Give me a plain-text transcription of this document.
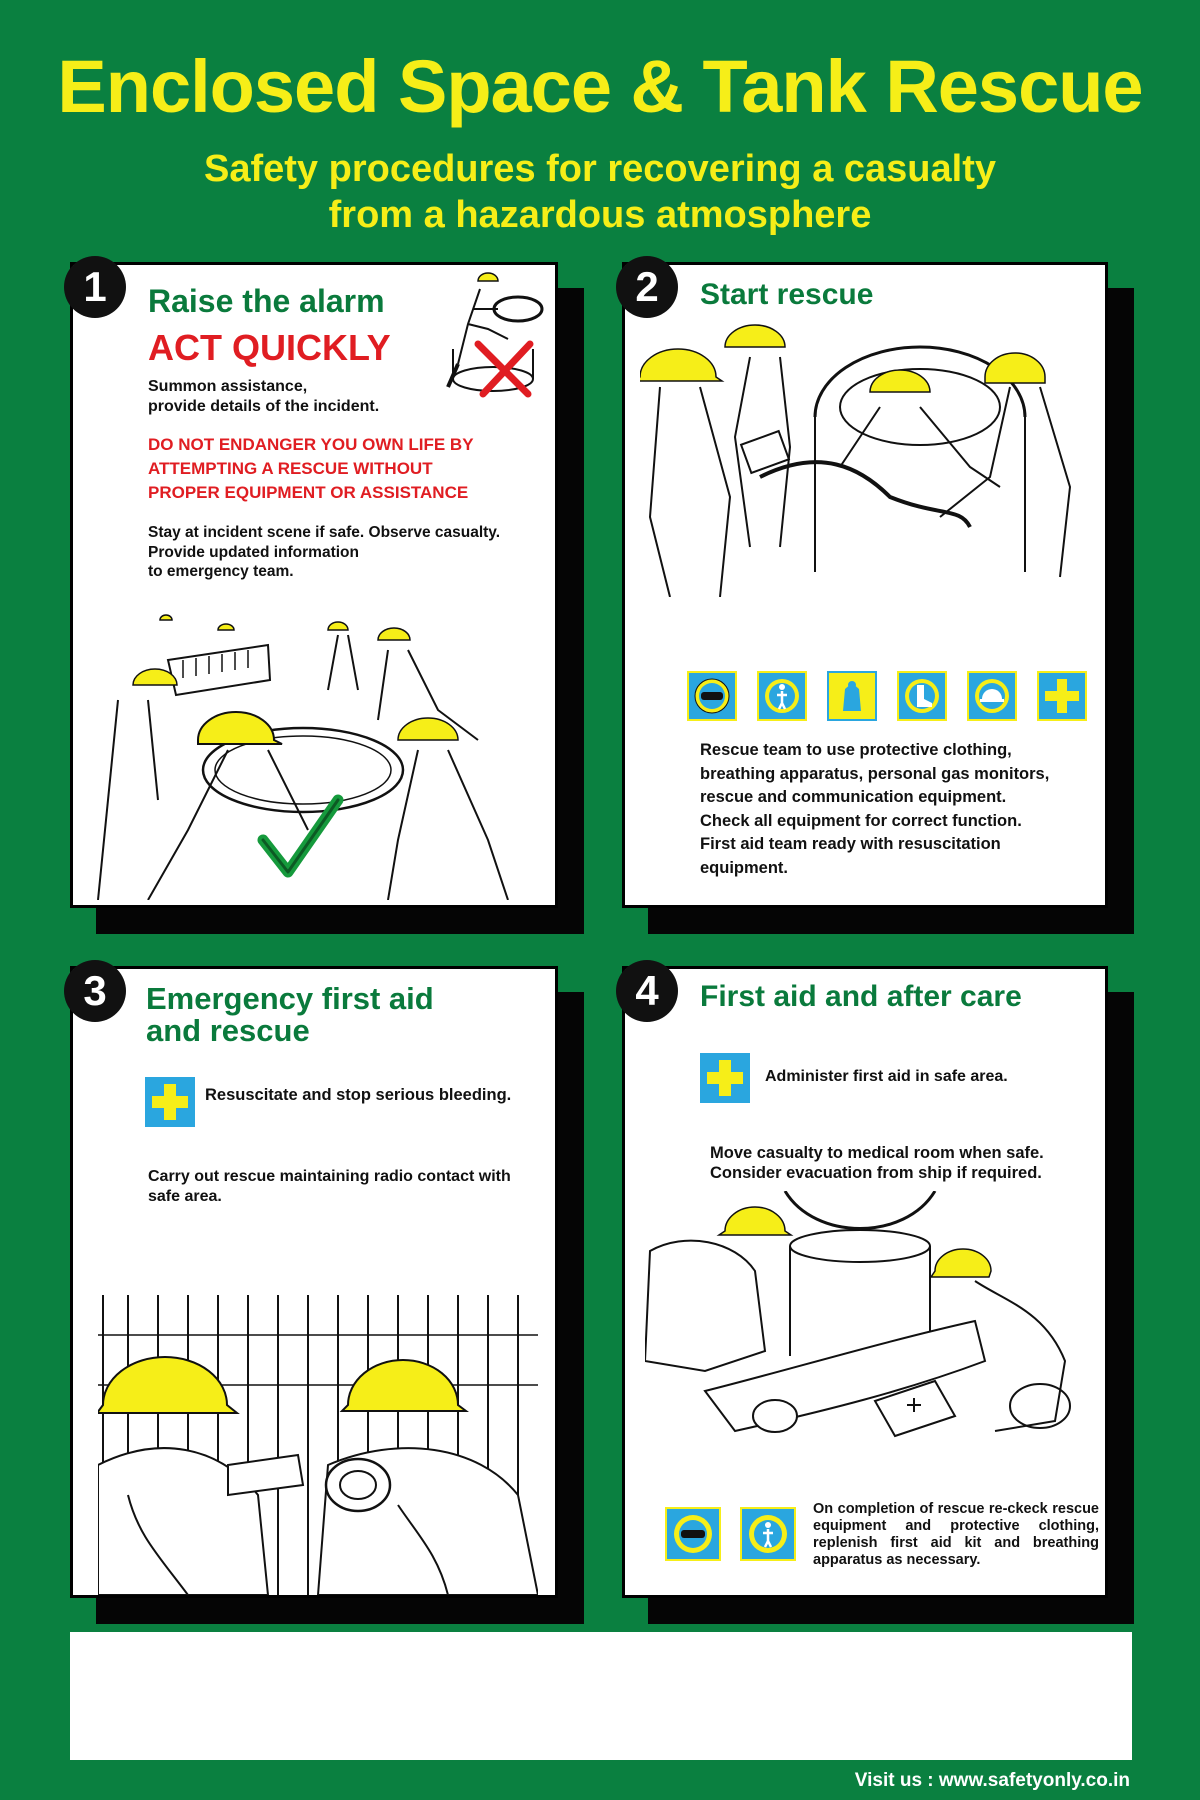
Enclosed Space & Tank Rescue
Safety procedures for recovering a casualty
from a hazardous atmosphere
Raise the alarm
ACT QUICKLY
Summon assistance,
provide details of the incident.
DO NOT ENDANGER YOU OWN LIFE BY
ATTEMPTING A RESCUE WITHOUT
PROPER EQUIPMENT OR ASSISTANCE
Stay at incident scene if safe. Observe casualty.
Provide updated information
to emergency team.
1	Start rescue
Rescue team to use protective clothing,
breathing apparatus, personal gas monitors,
rescue and communication equipment.
Check all equipment for correct function.
First aid team ready with resuscitation
equipment.
2
Emergency first aid
and rescue
Resuscitate and stop serious bleeding.
Carry out rescue maintaining radio contact with
safe area.
3	First aid and after care
Administer first aid in safe area.
Move casualty to medical room when safe.
Consider evacuation from ship if required.
On completion of rescue re-ckeck rescue equipment and protective clothing, replenish first aid kit and breathing apparatus as necessary.
4
Visit us : www.safetyonly.co.in
